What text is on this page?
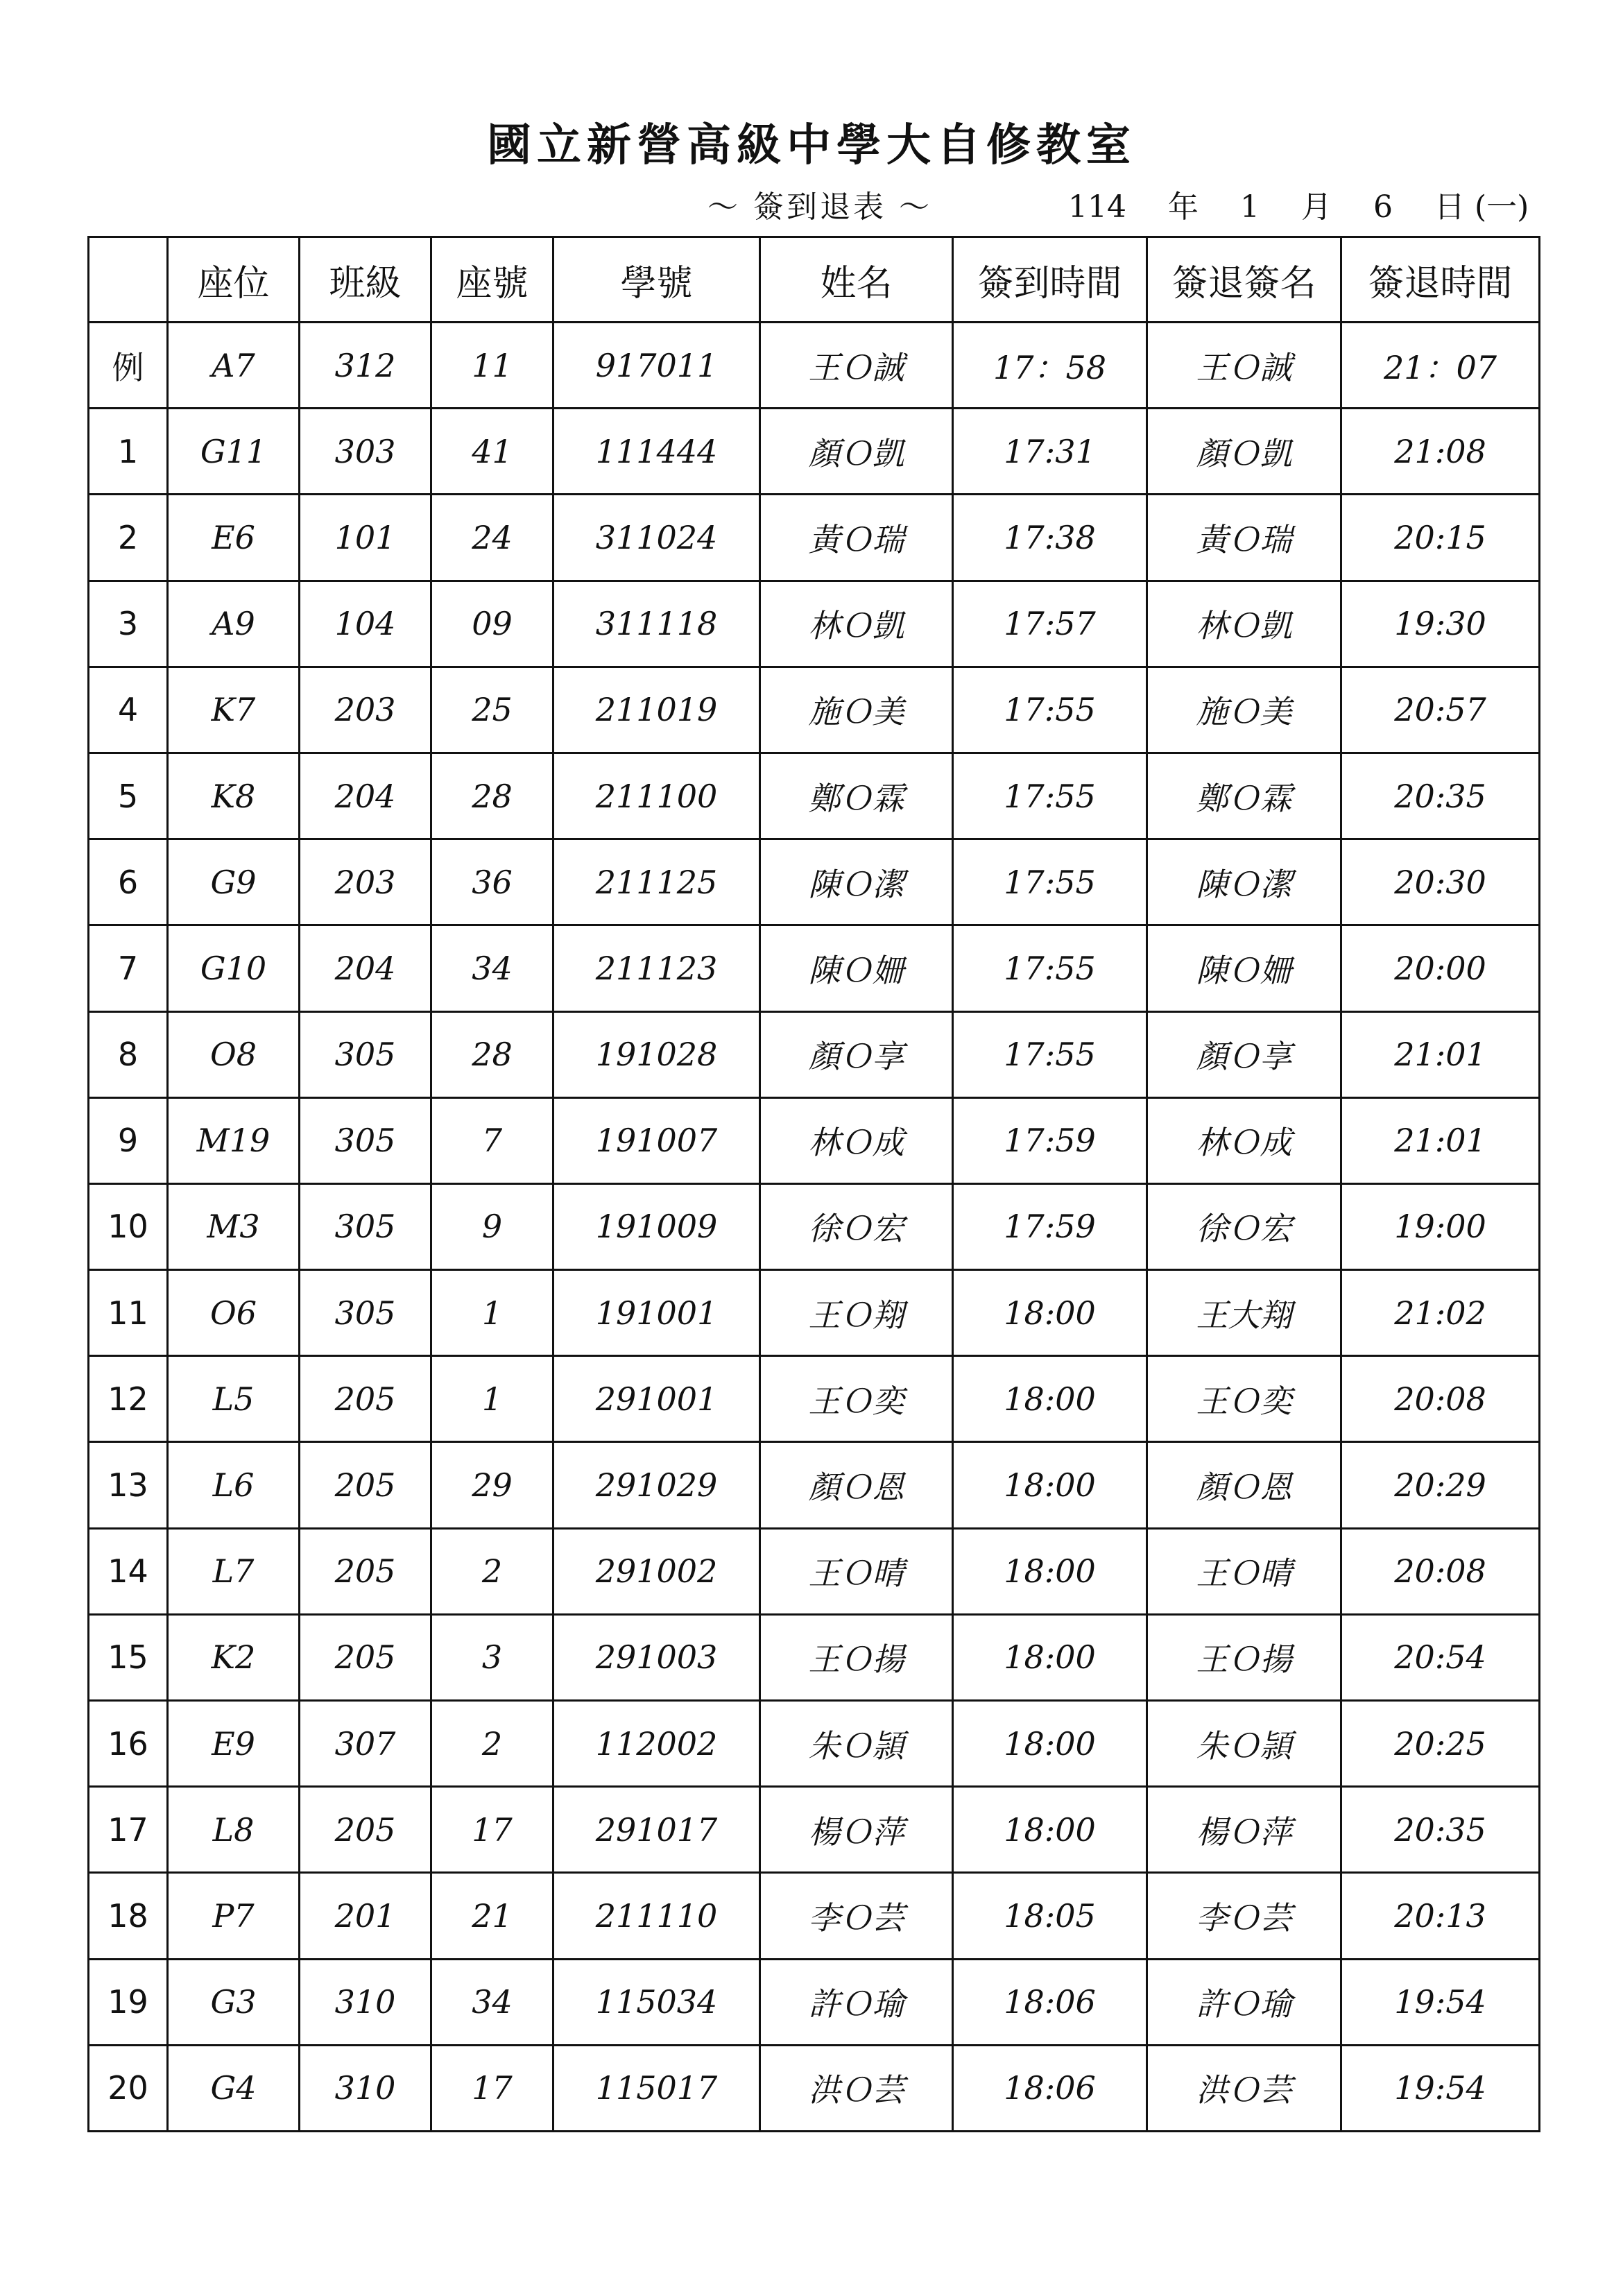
國立新營高級中學大自修教室
～ 簽到退表 ～	114 年 1 月 6 日 (一)
	座位	班級	座號	學號	姓名	簽到時間	簽退簽名	簽退時間
例	A7	312	11	917011	王Ｏ誠	17：58	王Ｏ誠	21：07
1	G11	303	41	111444	顏Ｏ凱	17:31	顏Ｏ凱	21:08
2	E6	101	24	311024	黃Ｏ瑞	17:38	黃Ｏ瑞	20:15
3	A9	104	09	311118	林Ｏ凱	17:57	林Ｏ凱	19:30
4	K7	203	25	211019	施Ｏ美	17:55	施Ｏ美	20:57
5	K8	204	28	211100	鄭Ｏ霖	17:55	鄭Ｏ霖	20:35
6	G9	203	36	211125	陳Ｏ潔	17:55	陳Ｏ潔	20:30
7	G10	204	34	211123	陳Ｏ姍	17:55	陳Ｏ姍	20:00
8	O8	305	28	191028	顏Ｏ享	17:55	顏Ｏ享	21:01
9	M19	305	7	191007	林Ｏ成	17:59	林Ｏ成	21:01
10	M3	305	9	191009	徐Ｏ宏	17:59	徐Ｏ宏	19:00
11	O6	305	1	191001	王Ｏ翔	18:00	王大翔	21:02
12	L5	205	1	291001	王Ｏ奕	18:00	王Ｏ奕	20:08
13	L6	205	29	291029	顏Ｏ恩	18:00	顏Ｏ恩	20:29
14	L7	205	2	291002	王Ｏ晴	18:00	王Ｏ晴	20:08
15	K2	205	3	291003	王Ｏ揚	18:00	王Ｏ揚	20:54
16	E9	307	2	112002	朱Ｏ頴	18:00	朱Ｏ頴	20:25
17	L8	205	17	291017	楊Ｏ萍	18:00	楊Ｏ萍	20:35
18	P7	201	21	211110	李Ｏ芸	18:05	李Ｏ芸	20:13
19	G3	310	34	115034	許Ｏ瑜	18:06	許Ｏ瑜	19:54
20	G4	310	17	115017	洪Ｏ芸	18:06	洪Ｏ芸	19:54
